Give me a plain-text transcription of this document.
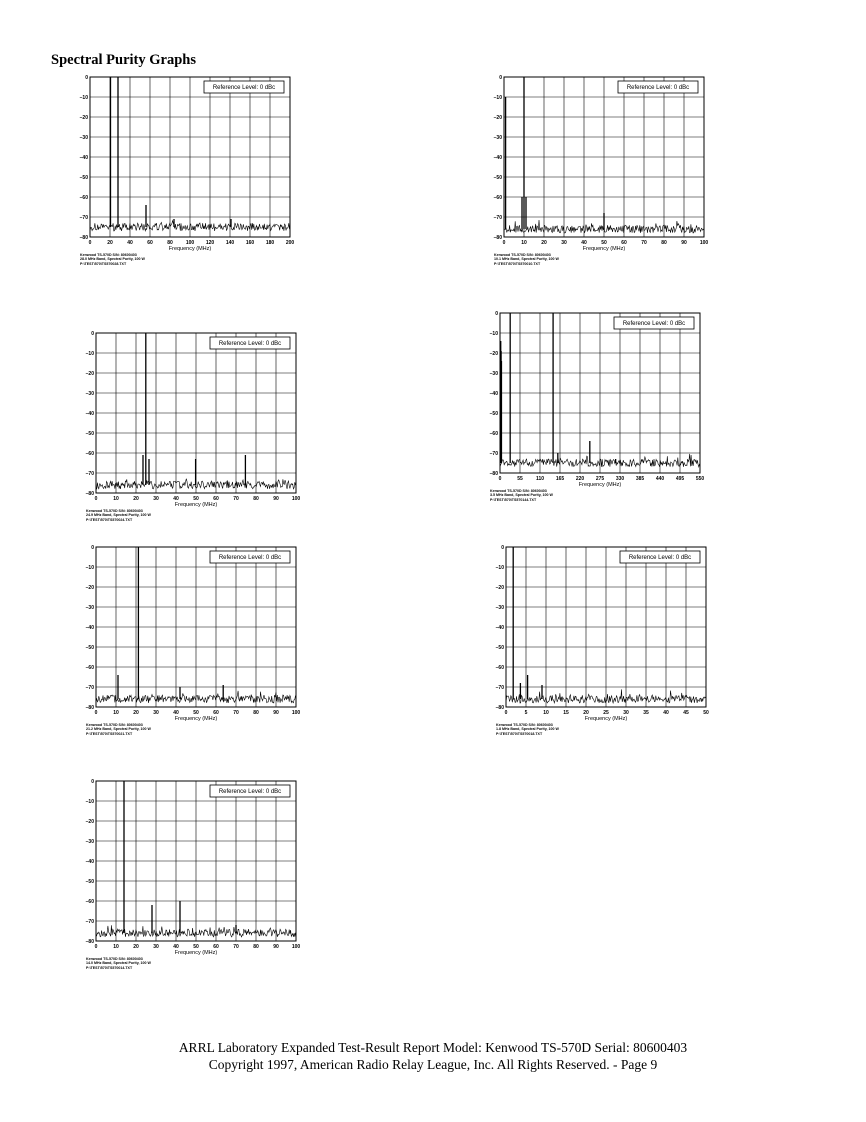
Spectral Purity Graphs
0
–10
–20
–30
–40
–50
–60
–70
–80
0	20	40	60	80	100 120 140 160 180 200
Frequency (MHz)
Reference Level: 0 dBc
Kenwood TS-570D S/N: 80600403
28.0 MHz Band, Spectral Purity, 100 W
P:\TEST\570\TS570028.TXT
0
–10
–20
–30
–40
–50
–60
–70
–80
0	10	20	30	40	50	60	70	80	90	100
Frequency (MHz)
Reference Level: 0 dBc
Kenwood TS-570D S/N: 80600403
10.1 MHz Band, Spectral Purity, 100 W
P:\TEST\570\TS570010.TXT
0
–10
–20
–30
–40
–50
–60
–70
–80
0	10	20	30	40	50	60	70	80	90	100
Frequency (MHz)
Reference Level: 0 dBc
Kenwood TS-570D S/N: 80600403
24.9 MHz Band, Spectral Purity, 100 W
P:\TEST\570\TS570024.TXT
0
–10
–20
–30
–40
–50
–60
–70
–80
0	55	110 165 220 275 330 385 440 495 550
Frequency (MHz)
Reference Level: 0 dBc
Kenwood TS-570D S/N: 80600403
3.5 MHz Band, Spectral Purity, 100 W
P:\TEST\570\TS570144.TXT
0
–10
–20
–30
–40
–50
–60
–70
–80
0	10	20	30	40	50	60	70	80	90	100
Frequency (MHz)
Reference Level: 0 dBc
Kenwood TS-570D S/N: 80600403
21.2 MHz Band, Spectral Purity, 100 W
P:\TEST\570\TS570021.TXT
0
–10
–20
–30
–40
–50
–60
–70
–80
0	5	10	15	20	25	30	35	40	45	50
Frequency (MHz)
Reference Level: 0 dBc
Kenwood TS-570D S/N: 80600403
1.8 MHz Band, Spectral Purity, 100 W
P:\TEST\570\TS570018.TXT
0
–10
–20
–30
–40
–50
–60
–70
–80
0	10	20	30	40	50	60	70	80	90	100
Frequency (MHz)
Reference Level: 0 dBc
Kenwood TS-570D S/N: 80600403
14.0 MHz Band, Spectral Purity, 100 W
P:\TEST\570\TS570014.TXT
ARRL Laboratory Expanded Test-Result Report Model: Kenwood TS-570D Serial: 80600403
Copyright 1997, American Radio Relay League, Inc. All Rights Reserved. - Page 9
